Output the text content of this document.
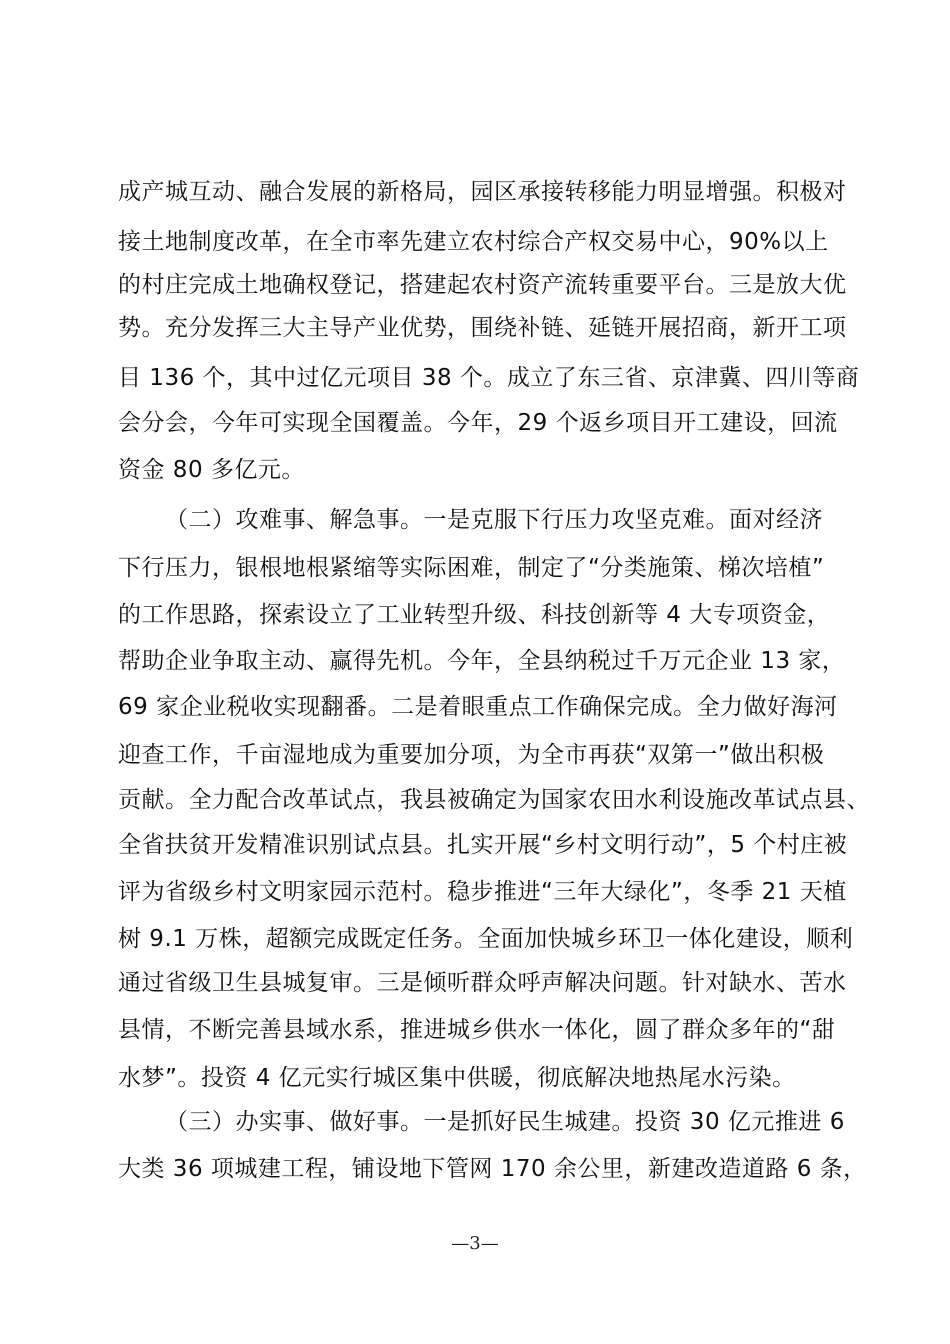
成产城互动、融合发展的新格局，园区承接转移能力明显增强。积极对
接土地制度改革，在全市率先建立农村综合产权交易中心，90%以上
的村庄完成土地确权登记，搭建起农村资产流转重要平台。三是放大优
势。充分发挥三大主导产业优势，围绕补链、延链开展招商，新开工项
目 136 个，其中过亿元项目 38 个。成立了东三省、京津冀、四川等商
会分会，今年可实现全国覆盖。今年，29 个返乡项目开工建设，回流
资金 80 多亿元。
（二）攻难事、解急事。一是克服下行压力攻坚克难。面对经济
下行压力，银根地根紧缩等实际困难，制定了“分类施策、梯次培植”
的工作思路，探索设立了工业转型升级、科技创新等 4 大专项资金，
帮助企业争取主动、赢得先机。今年，全县纳税过千万元企业 13 家，
69 家企业税收实现翻番。二是着眼重点工作确保完成。全力做好海河
迎查工作，千亩湿地成为重要加分项，为全市再获“双第一”做出积极
贡献。全力配合改革试点，我县被确定为国家农田水利设施改革试点县、
全省扶贫开发精准识别试点县。扎实开展“乡村文明行动”，5 个村庄被
评为省级乡村文明家园示范村。稳步推进“三年大绿化”，冬季 21 天植
树 9.1 万株，超额完成既定任务。全面加快城乡环卫一体化建设，顺利
通过省级卫生县城复审。三是倾听群众呼声解决问题。针对缺水、苦水
县情，不断完善县域水系，推进城乡供水一体化，圆了群众多年的“甜
水梦”。投资 4 亿元实行城区集中供暖，彻底解决地热尾水污染。
（三）办实事、做好事。一是抓好民生城建。投资 30 亿元推进 6
大类 36 项城建工程，铺设地下管网 170 余公里，新建改造道路 6 条，
—3—
